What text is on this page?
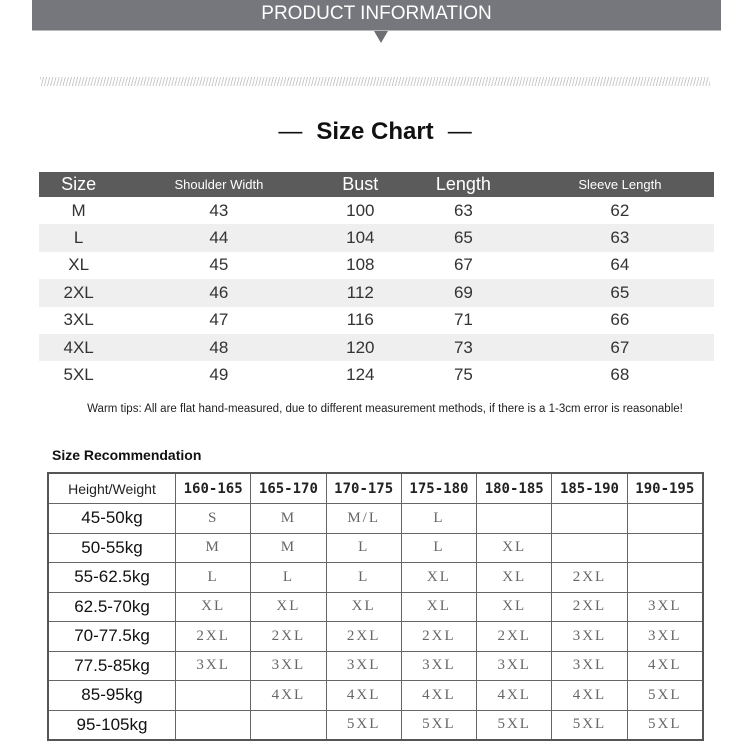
PRODUCT INFORMATION
— Size Chart —
Size	Shoulder Width	Bust	Length	Sleeve Length
M	43	100	63	62
L	44	104	65	63
XL	45	108	67	64
2XL	46	112	69	65
3XL	47	116	71	66
4XL	48	120	73	67
5XL	49	124	75	68
Warm tips: All are flat hand-measured, due to different measurement methods, if there is a 1-3cm error is reasonable!
Size Recommendation
Height/Weight	160-165	165-170	170-175	175-180	180-185	185-190	190-195
45-50kg	S	M	M/L	L			
50-55kg	M	M	L	L	XL		
55-62.5kg	L	L	L	XL	XL	2XL	
62.5-70kg	XL	XL	XL	XL	XL	2XL	3XL
70-77.5kg	2XL	2XL	2XL	2XL	2XL	3XL	3XL
77.5-85kg	3XL	3XL	3XL	3XL	3XL	3XL	4XL
85-95kg		4XL	4XL	4XL	4XL	4XL	5XL
95-105kg			5XL	5XL	5XL	5XL	5XL
